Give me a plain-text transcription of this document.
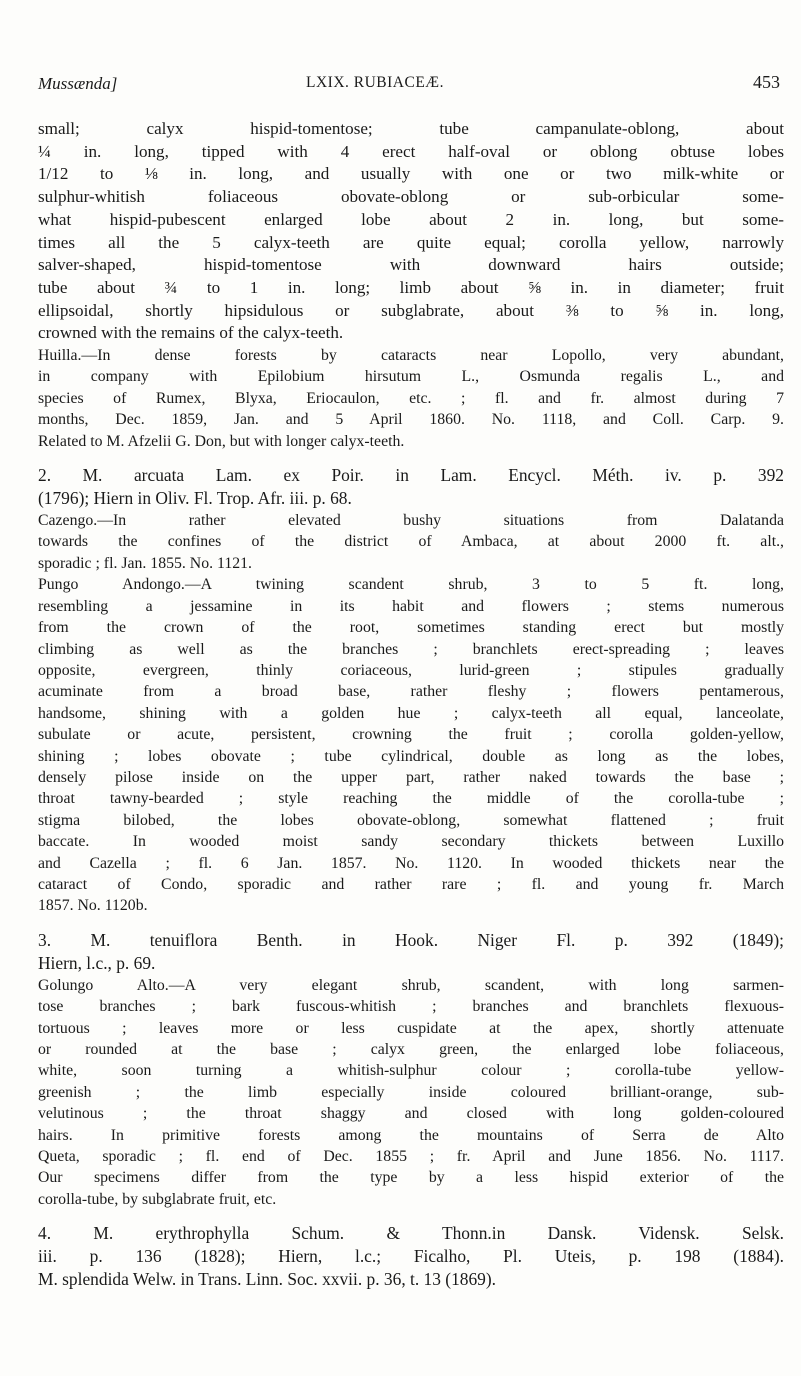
Mussænda]	LXIX. RUBIACEÆ.	453
small; calyx hispid-tomentose; tube campanulate-oblong, about
¼ in. long, tipped with 4 erect half-oval or oblong obtuse lobes
1/12 to ⅛ in. long, and usually with one or two milk-white or
sulphur-whitish foliaceous obovate-oblong or sub-orbicular some-
what hispid-pubescent enlarged lobe about 2 in. long, but some-
times all the 5 calyx-teeth are quite equal; corolla yellow, narrowly
salver-shaped, hispid-tomentose with downward hairs outside;
tube about ¾ to 1 in. long; limb about ⅝ in. in diameter; fruit
ellipsoidal, shortly hipsidulous or subglabrate, about ⅜ to ⅝ in. long,
crowned with the remains of the calyx-teeth.
Huilla.—In dense forests by cataracts near Lopollo, very abundant,
in company with Epilobium hirsutum L., Osmunda regalis L., and
species of Rumex, Blyxa, Eriocaulon, etc. ; fl. and fr. almost during 7
months, Dec. 1859, Jan. and 5 April 1860. No. 1118, and Coll. Carp. 9.
Related to M. Afzelii G. Don, but with longer calyx-teeth.
2. M. arcuata Lam. ex Poir. in Lam. Encycl. Méth. iv. p. 392
(1796); Hiern in Oliv. Fl. Trop. Afr. iii. p. 68.
Cazengo.—In rather elevated bushy situations from Dalatanda
towards the confines of the district of Ambaca, at about 2000 ft. alt.,
sporadic ; fl. Jan. 1855. No. 1121.
Pungo Andongo.—A twining scandent shrub, 3 to 5 ft. long,
resembling a jessamine in its habit and flowers ; stems numerous
from the crown of the root, sometimes standing erect but mostly
climbing as well as the branches ; branchlets erect-spreading ; leaves
opposite, evergreen, thinly coriaceous, lurid-green ; stipules gradually
acuminate from a broad base, rather fleshy ; flowers pentamerous,
handsome, shining with a golden hue ; calyx-teeth all equal, lanceolate,
subulate or acute, persistent, crowning the fruit ; corolla golden-yellow,
shining ; lobes obovate ; tube cylindrical, double as long as the lobes,
densely pilose inside on the upper part, rather naked towards the base ;
throat tawny-bearded ; style reaching the middle of the corolla-tube ;
stigma bilobed, the lobes obovate-oblong, somewhat flattened ; fruit
baccate. In wooded moist sandy secondary thickets between Luxillo
and Cazella ; fl. 6 Jan. 1857. No. 1120. In wooded thickets near the
cataract of Condo, sporadic and rather rare ; fl. and young fr. March
1857. No. 1120b.
3. M. tenuiflora Benth. in Hook. Niger Fl. p. 392 (1849);
Hiern, l.c., p. 69.
Golungo Alto.—A very elegant shrub, scandent, with long sarmen-
tose branches ; bark fuscous-whitish ; branches and branchlets flexuous-
tortuous ; leaves more or less cuspidate at the apex, shortly attenuate
or rounded at the base ; calyx green, the enlarged lobe foliaceous,
white, soon turning a whitish-sulphur colour ; corolla-tube yellow-
greenish ; the limb especially inside coloured brilliant-orange, sub-
velutinous ; the throat shaggy and closed with long golden-coloured
hairs. In primitive forests among the mountains of Serra de Alto
Queta, sporadic ; fl. end of Dec. 1855 ; fr. April and June 1856. No. 1117.
Our specimens differ from the type by a less hispid exterior of the
corolla-tube, by subglabrate fruit, etc.
4. M. erythrophylla Schum. & Thonn.in Dansk. Vidensk. Selsk.
iii. p. 136 (1828); Hiern, l.c.; Ficalho, Pl. Uteis, p. 198 (1884).
M. splendida Welw. in Trans. Linn. Soc. xxvii. p. 36, t. 13 (1869).
